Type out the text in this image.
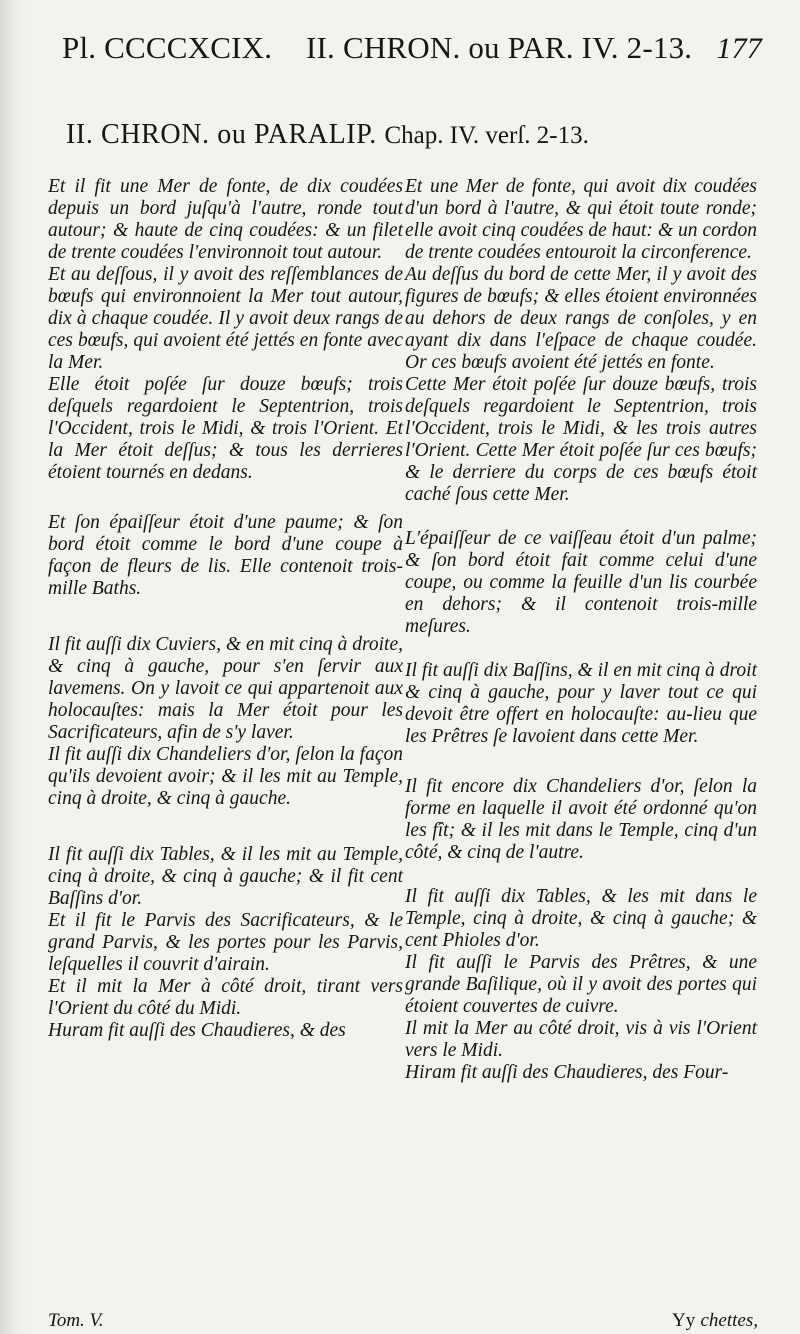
Pl. CCCCXCIX. II. CHRON. ou PAR. IV. 2-13. 177
II. CHRON. ou PARALIP. Chap. IV. verſ. 2-13.

Et il fit une Mer de fonte, de dix coudées depuis un bord juſqu'à l'autre, ronde tout autour; & haute de cinq coudées: & un filet de trente coudées l'environnoit tout autour.

Et au deſſous, il y avoit des reſſemblances de bœufs qui environnoient la Mer tout autour, dix à chaque coudée. Il y avoit deux rangs de ces bœufs, qui avoient été jettés en fonte avec la Mer.

Elle étoit poſée ſur douze bœufs; trois deſquels regardoient le Septentrion, trois l'Occident, trois le Midi, & trois l'Orient. Et la Mer étoit deſſus; & tous les derrieres étoient tournés en dedans.

Et ſon épaiſſeur étoit d'une paume; & ſon bord étoit comme le bord d'une coupe à façon de fleurs de lis. Elle contenoit trois-mille Baths.

Il fit auſſi dix Cuviers, & en mit cinq à droite, & cinq à gauche, pour s'en ſervir aux lavemens. On y lavoit ce qui appartenoit aux holocauſtes: mais la Mer étoit pour les Sacrificateurs, afin de s'y laver.

Il fit auſſi dix Chandeliers d'or, ſelon la façon qu'ils devoient avoir; & il les mit au Temple, cinq à droite, & cinq à gauche.

Il fit auſſi dix Tables, & il les mit au Temple, cinq à droite, & cinq à gauche; & il fit cent Baſſins d'or.

Et il fit le Parvis des Sacrificateurs, & le grand Parvis, & les portes pour les Parvis, leſquelles il couvrit d'airain.

Et il mit la Mer à côté droit, tirant vers l'Orient du côté du Midi.

Huram fit auſſi des Chaudieres, & des

Et une Mer de fonte, qui avoit dix coudées d'un bord à l'autre, & qui étoit toute ronde; elle avoit cinq coudées de haut: & un cordon de trente coudées entouroit la circonference.

Au deſſus du bord de cette Mer, il y avoit des figures de bœufs; & elles étoient environnées au dehors de deux rangs de conſoles, y en ayant dix dans l'eſpace de chaque coudée. Or ces bœufs avoient été jettés en fonte.

Cette Mer étoit poſée ſur douze bœufs, trois deſquels regardoient le Septentrion, trois l'Occident, trois le Midi, & les trois autres l'Orient. Cette Mer étoit poſée ſur ces bœufs; & le derriere du corps de ces bœufs étoit caché ſous cette Mer.

L'épaiſſeur de ce vaiſſeau étoit d'un palme; & ſon bord étoit fait comme celui d'une coupe, ou comme la feuille d'un lis courbée en dehors; & il contenoit trois-mille meſures.

Il fit auſſi dix Baſſins, & il en mit cinq à droit & cinq à gauche, pour y laver tout ce qui devoit être offert en holocauſte: au-lieu que les Prêtres ſe lavoient dans cette Mer.

Il fit encore dix Chandeliers d'or, ſelon la forme en laquelle il avoit été ordonné qu'on les fît; & il les mit dans le Temple, cinq d'un côté, & cinq de l'autre.

Il fit auſſi dix Tables, & les mit dans le Temple, cinq à droite, & cinq à gauche; & cent Phioles d'or.

Il fit auſſi le Parvis des Prêtres, & une grande Baſilique, où il y avoit des portes qui étoient couvertes de cuivre.

Il mit la Mer au côté droit, vis à vis l'Orient vers le Midi.

Hiram fit auſſi des Chaudieres, des Four-

Tom. V.	Yy chettes,
